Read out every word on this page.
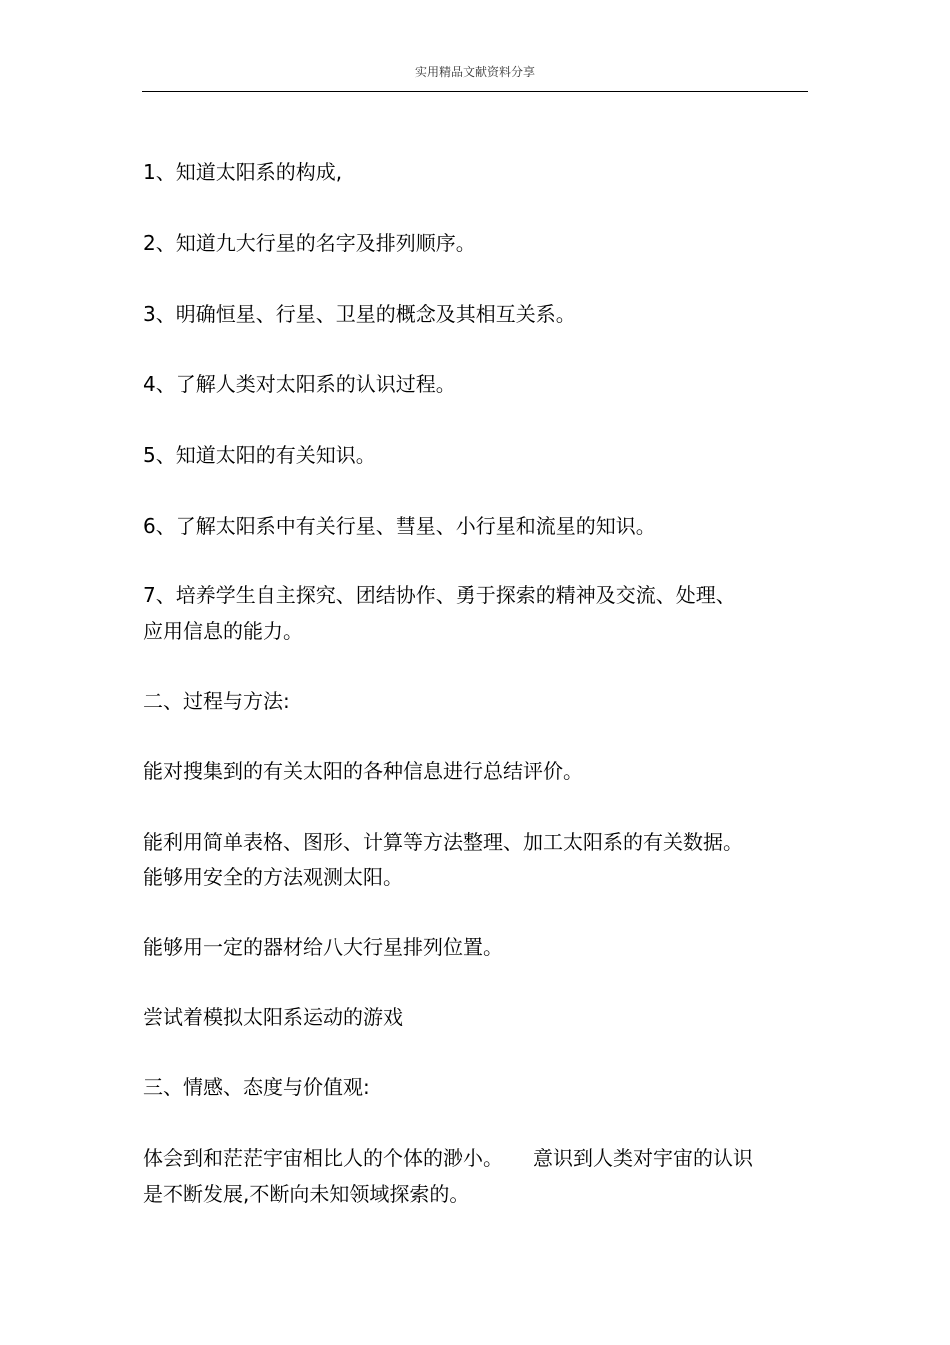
实用精品文献资料分享
1、知道太阳系的构成,
2、知道九大行星的名字及排列顺序。
3、明确恒星、行星、卫星的概念及其相互关系。
4、了解人类对太阳系的认识过程。
5、知道太阳的有关知识。
6、了解太阳系中有关行星、彗星、小行星和流星的知识。
7、培养学生自主探究、团结协作、勇于探索的精神及交流、处理、
应用信息的能力。
二、过程与方法:
能对搜集到的有关太阳的各种信息进行总结评价。
能利用简单表格、图形、计算等方法整理、加工太阳系的有关数据。
能够用安全的方法观测太阳。
能够用一定的器材给八大行星排列位置。
尝试着模拟太阳系运动的游戏
三、情感、态度与价值观:
体会到和茫茫宇宙相比人的个体的渺小。 意识到人类对宇宙的认识
是不断发展,不断向未知领域探索的。
